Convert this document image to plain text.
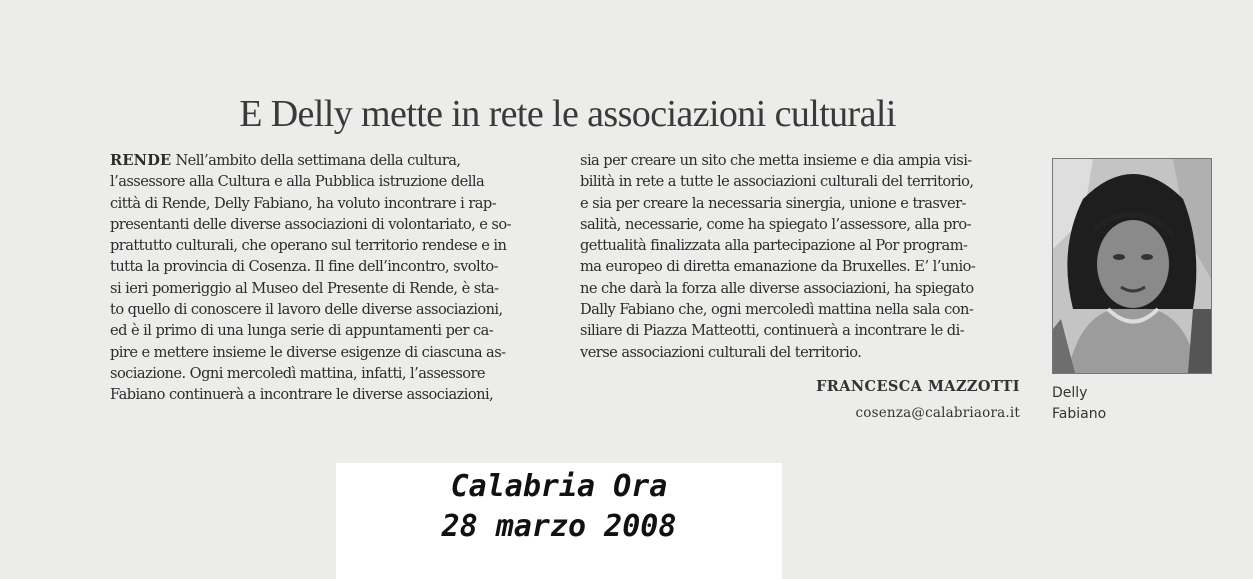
E Delly mette in rete le associazioni culturali
RENDE Nell’ambito della settimana della cultura,
l’assessore alla Cultura e alla Pubblica istruzione della
città di Rende, Delly Fabiano, ha voluto incontrare i rap-
presentanti delle diverse associazioni di volontariato, e so-
prattutto culturali, che operano sul territorio rendese e in
tutta la provincia di Cosenza. Il fine dell’incontro, svolto-
si ieri pomeriggio al Museo del Presente di Rende, è sta-
to quello di conoscere il lavoro delle diverse associazioni,
ed è il primo di una lunga serie di appuntamenti per ca-
pire e mettere insieme le diverse esigenze di ciascuna as-
sociazione. Ogni mercoledì mattina, infatti, l’assessore
Fabiano continuerà a incontrare le diverse associazioni,
sia per creare un sito che metta insieme e dia ampia visi-
bilità in rete a tutte le associazioni culturali del territorio,
e sia per creare la necessaria sinergia, unione e trasver-
salità, necessarie, come ha spiegato l’assessore, alla pro-
gettualità finalizzata alla partecipazione al Por program-
ma europeo di diretta emanazione da Bruxelles. E’ l’unio-
ne che darà la forza alle diverse associazioni, ha spiegato
Dally Fabiano che, ogni mercoledì mattina nella sala con-
siliare di Piazza Matteotti, continuerà a incontrare le di-
verse associazioni culturali del territorio.
FRANCESCA MAZZOTTI
cosenza@calabriaora.it
Delly
Fabiano
Calabria Ora
28 marzo 2008
